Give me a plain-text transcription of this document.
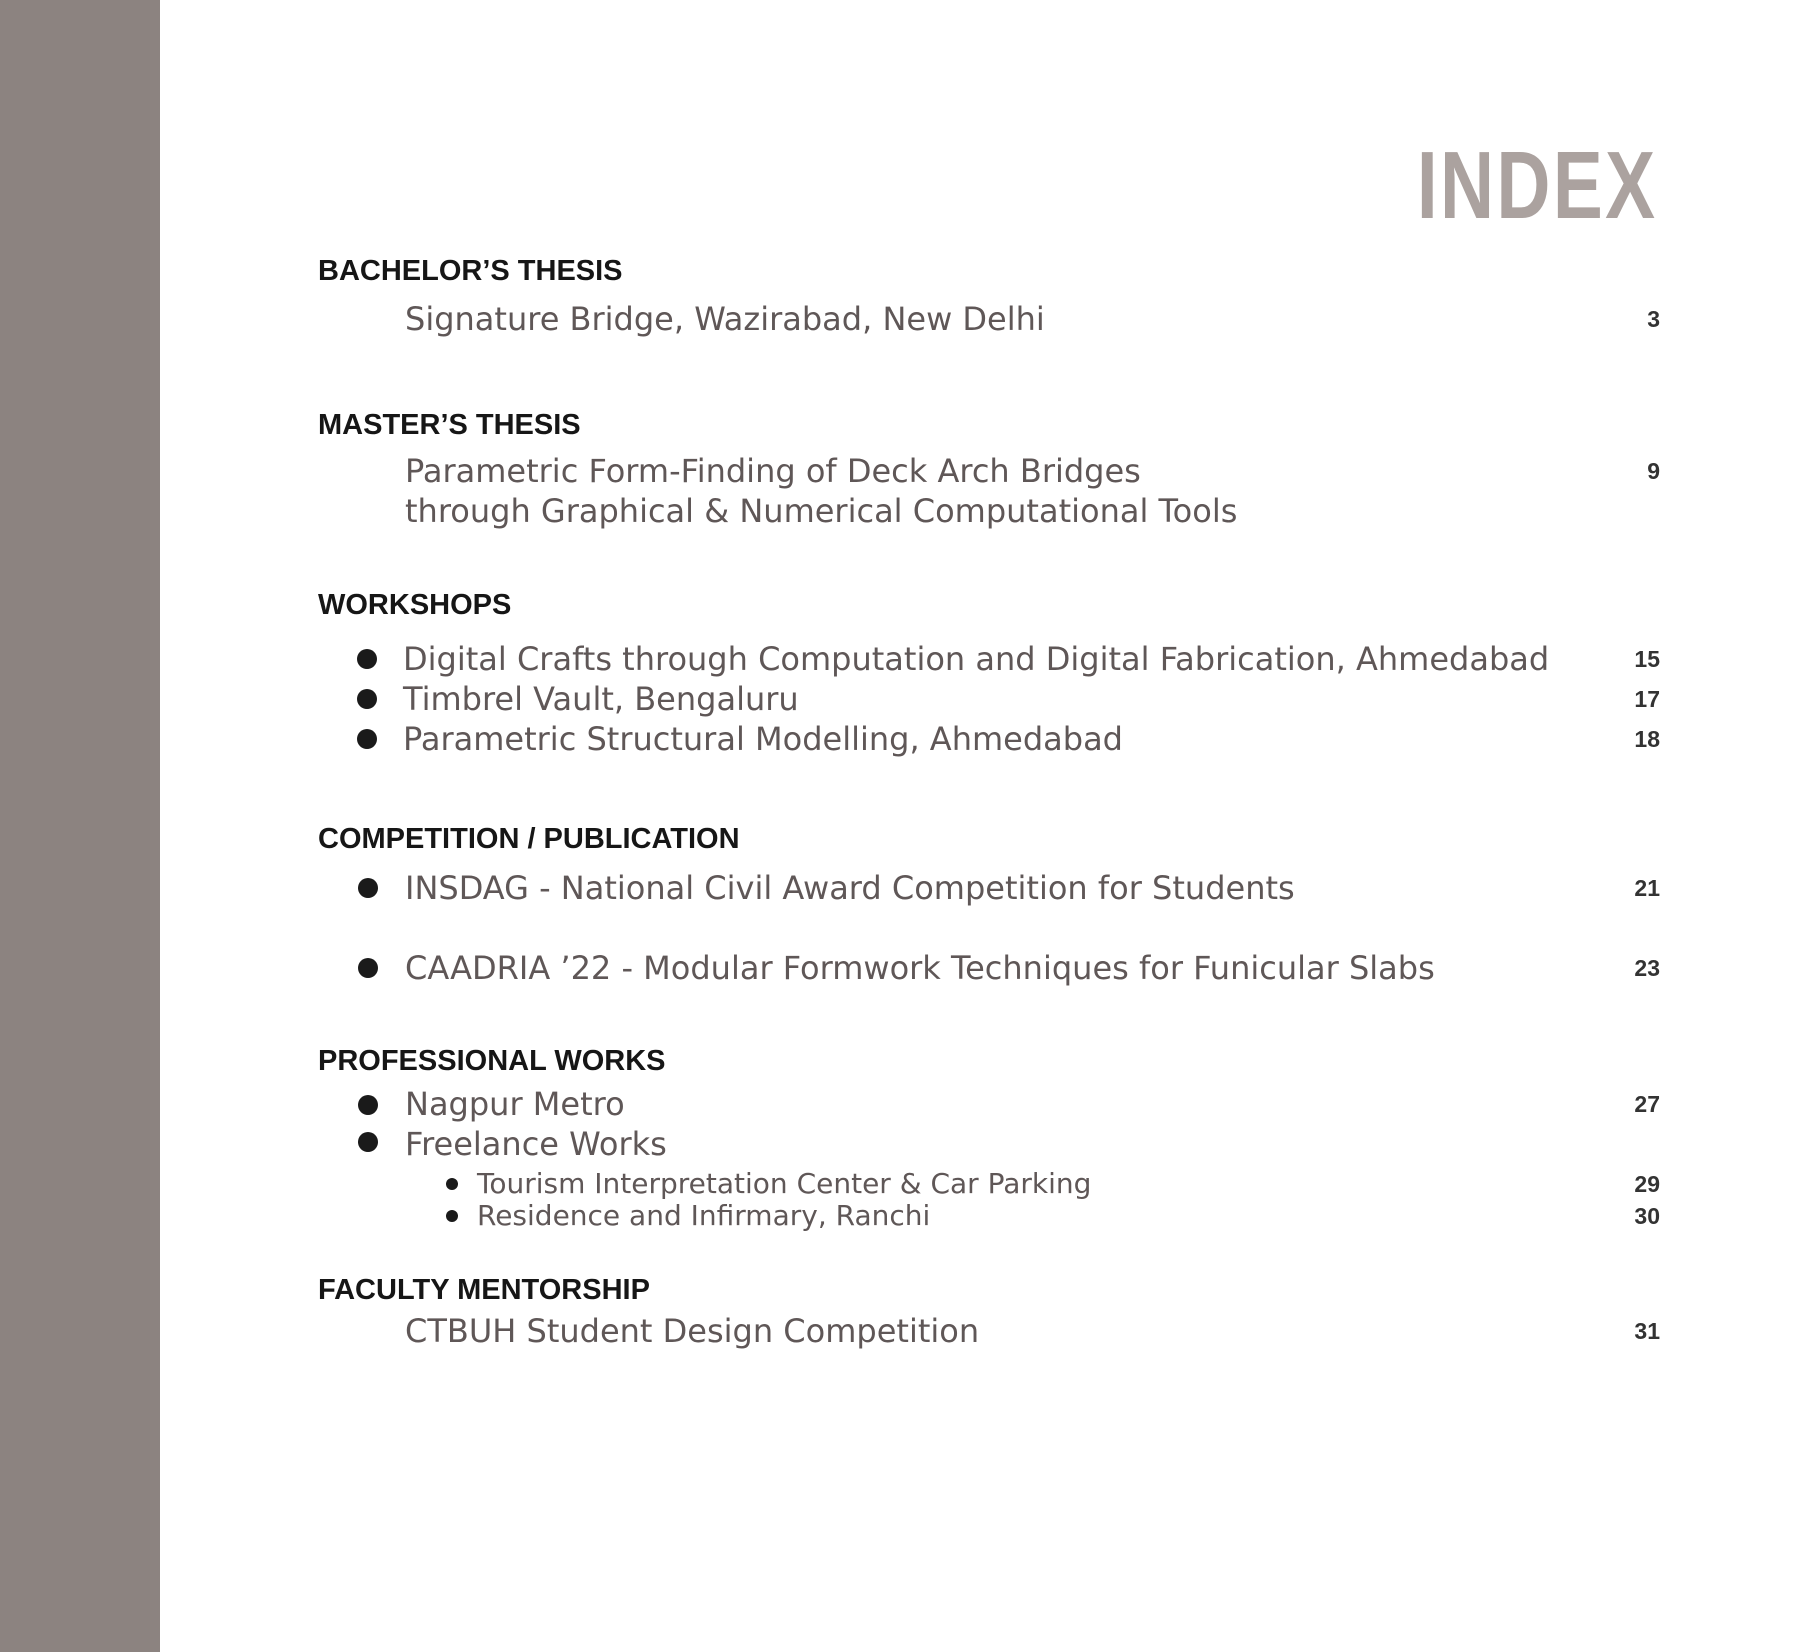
INDEX
BACHELOR’S THESIS
Signature Bridge, Wazirabad, New Delhi	3
MASTER’S THESIS
Parametric Form-Finding of Deck Arch Bridges	9
through Graphical & Numerical Computational Tools
WORKSHOPS
Digital Crafts through Computation and Digital Fabrication, Ahmedabad	15
Timbrel Vault, Bengaluru	17
Parametric Structural Modelling, Ahmedabad	18
COMPETITION / PUBLICATION
INSDAG - National Civil Award Competition for Students	21
CAADRIA ’22 - Modular Formwork Techniques for Funicular Slabs	23
PROFESSIONAL WORKS
Nagpur Metro	27
Freelance Works
Tourism Interpretation Center & Car Parking	29
Residence and Infirmary, Ranchi	30
FACULTY MENTORSHIP
CTBUH Student Design Competition	31
